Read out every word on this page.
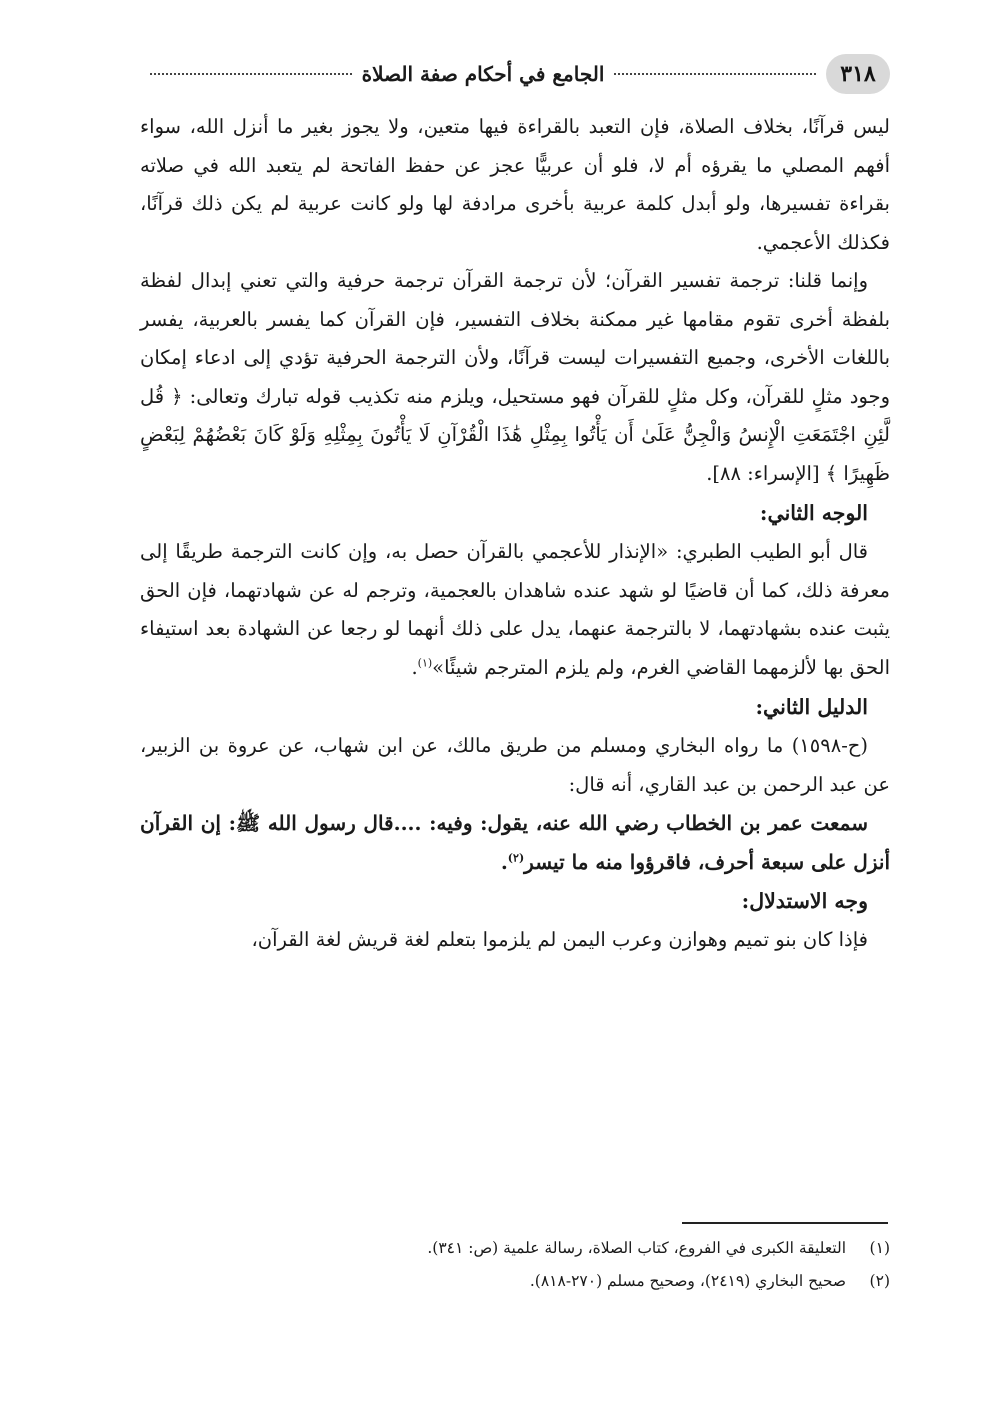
٣١٨
الجامع في أحكام صفة الصلاة

ليس قرآنًا، بخلاف الصلاة، فإن التعبد بالقراءة فيها متعين، ولا يجوز بغير ما أنزل الله، سواء أفهم المصلي ما يقرؤه أم لا، فلو أن عربيًّا عجز عن حفظ الفاتحة لم يتعبد الله في صلاته بقراءة تفسيرها، ولو أبدل كلمة عربية بأخرى مرادفة لها ولو كانت عربية لم يكن ذلك قرآنًا، فكذلك الأعجمي.

وإنما قلنا: ترجمة تفسير القرآن؛ لأن ترجمة القرآن ترجمة حرفية والتي تعني إبدال لفظة بلفظة أخرى تقوم مقامها غير ممكنة بخلاف التفسير، فإن القرآن كما يفسر بالعربية، يفسر باللغات الأخرى، وجميع التفسيرات ليست قرآنًا، ولأن الترجمة الحرفية تؤدي إلى ادعاء إمكان وجود مثلٍ للقرآن، وكل مثلٍ للقرآن فهو مستحيل، ويلزم منه تكذيب قوله تبارك وتعالى: ﴿ قُل لَّئِنِ اجْتَمَعَتِ الْإِنسُ وَالْجِنُّ عَلَىٰ أَن يَأْتُوا بِمِثْلِ هَٰذَا الْقُرْآنِ لَا يَأْتُونَ بِمِثْلِهِ وَلَوْ كَانَ بَعْضُهُمْ لِبَعْضٍ ظَهِيرًا ﴾ [الإسراء: ٨٨].

الوجه الثاني:

قال أبو الطيب الطبري: «الإنذار للأعجمي بالقرآن حصل به، وإن كانت الترجمة طريقًا إلى معرفة ذلك، كما أن قاضيًا لو شهد عنده شاهدان بالعجمية، وترجم له عن شهادتهما، فإن الحق يثبت عنده بشهادتهما، لا بالترجمة عنهما، يدل على ذلك أنهما لو رجعا عن الشهادة بعد استيفاء الحق بها لألزمهما القاضي الغرم، ولم يلزم المترجم شيئًا»$^{(١)}$.

الدليل الثاني:

(ح-١٥٩٨) ما رواه البخاري ومسلم من طريق مالك، عن ابن شهاب، عن عروة بن الزبير، عن عبد الرحمن بن عبد القاري، أنه قال:

سمعت عمر بن الخطاب رضي الله عنه، يقول: وفيه: ....قال رسول الله ﷺ: إن القرآن أنزل على سبعة أحرف، فاقرؤوا منه ما تيسر$^{(٢)}$.

وجه الاستدلال:

فإذا كان بنو تميم وهوازن وعرب اليمن لم يلزموا بتعلم لغة قريش لغة القرآن،

(١)التعليقة الكبرى في الفروع، كتاب الصلاة، رسالة علمية (ص: ٣٤١).

(٢)صحيح البخاري (٢٤١٩)، وصحيح مسلم (٢٧٠-٨١٨).
